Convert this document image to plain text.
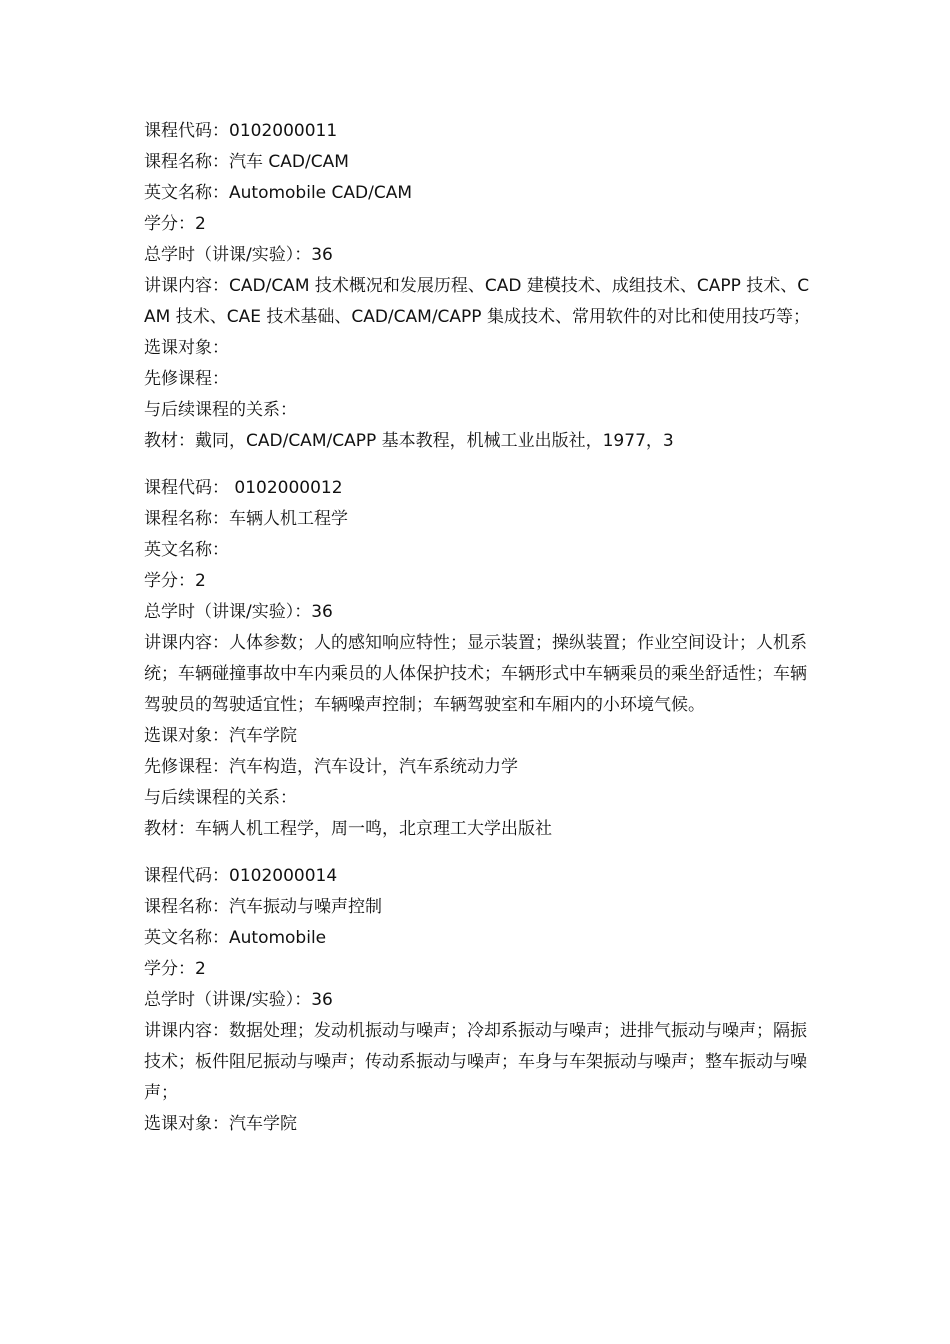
课程代码：0102000011

课程名称：汽车 CAD/CAM

英文名称：Automobile CAD/CAM

学分：2

总学时（讲课/实验）：36

讲课内容：CAD/CAM 技术概况和发展历程、CAD 建模技术、成组技术、CAPP 技术、CAM 技术、CAE 技术基础、CAD/CAM/CAPP 集成技术、常用软件的对比和使用技巧等；

选课对象：

先修课程：

与后续课程的关系：

教材：戴同，CAD/CAM/CAPP 基本教程，机械工业出版社，1977，3

课程代码： 0102000012

课程名称：车辆人机工程学

英文名称：

学分：2

总学时（讲课/实验）：36

讲课内容：人体参数；人的感知响应特性；显示装置；操纵装置；作业空间设计；人机系统；车辆碰撞事故中车内乘员的人体保护技术；车辆形式中车辆乘员的乘坐舒适性；车辆驾驶员的驾驶适宜性；车辆噪声控制；车辆驾驶室和车厢内的小环境气候。

选课对象：汽车学院

先修课程：汽车构造，汽车设计，汽车系统动力学

与后续课程的关系：

教材：车辆人机工程学，周一鸣，北京理工大学出版社

课程代码：0102000014

课程名称：汽车振动与噪声控制

英文名称：Automobile

学分：2

总学时（讲课/实验）：36

讲课内容：数据处理；发动机振动与噪声；冷却系振动与噪声；进排气振动与噪声；隔振技术；板件阻尼振动与噪声；传动系振动与噪声；车身与车架振动与噪声；整车振动与噪声；

选课对象：汽车学院
